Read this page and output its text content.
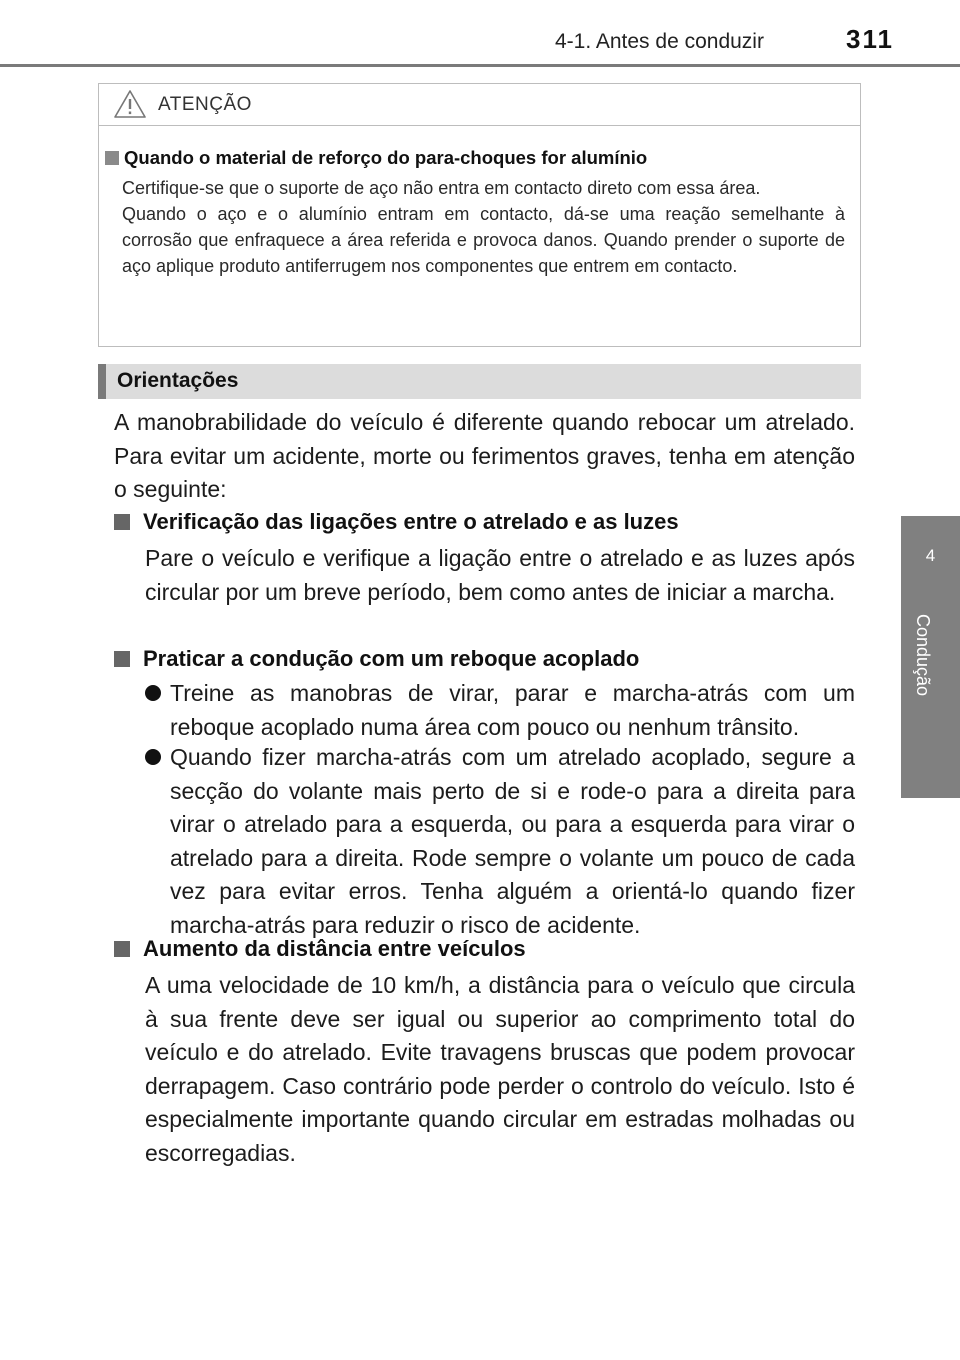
4-1. Antes de conduzir	311
4
Condução
ATENÇÃO
Quando o material de reforço do para-choques for alumínio

Certifique-se que o suporte de aço não entra em contacto direto com essa área.

Quando o aço e o alumínio entram em contacto, dá-se uma reação semelhante à corrosão que enfraquece a área referida e provoca danos. Quando prender o suporte de aço aplique produto antiferrugem nos componentes que entrem em contacto.

Orientações

A manobrabilidade do veículo é diferente quando rebocar um atrelado. Para evitar um acidente, morte ou ferimentos graves, tenha em atenção o seguinte:

Verificação das ligações entre o atrelado e as luzes

Pare o veículo e verifique a ligação entre o atrelado e as luzes após circular por um breve período, bem como antes de iniciar a marcha.

Praticar a condução com um reboque acoplado

Treine as manobras de virar, parar e marcha-atrás com um reboque acoplado numa área com pouco ou nenhum trânsito.

Quando fizer marcha-atrás com um atrelado acoplado, segure a secção do volante mais perto de si e rode-o para a direita para virar o atrelado para a esquerda, ou para a esquerda para virar o atrelado para a direita. Rode sempre o volante um pouco de cada vez para evitar erros. Tenha alguém a orientá-lo quando fizer marcha-atrás para reduzir o risco de acidente.

Aumento da distância entre veículos

A uma velocidade de 10 km/h, a distância para o veículo que circula à sua frente deve ser igual ou superior ao comprimento total do veículo e do atrelado. Evite travagens bruscas que podem provocar derrapagem. Caso contrário pode perder o controlo do veículo. Isto é especialmente importante quando circular em estradas molhadas ou escorregadias.
